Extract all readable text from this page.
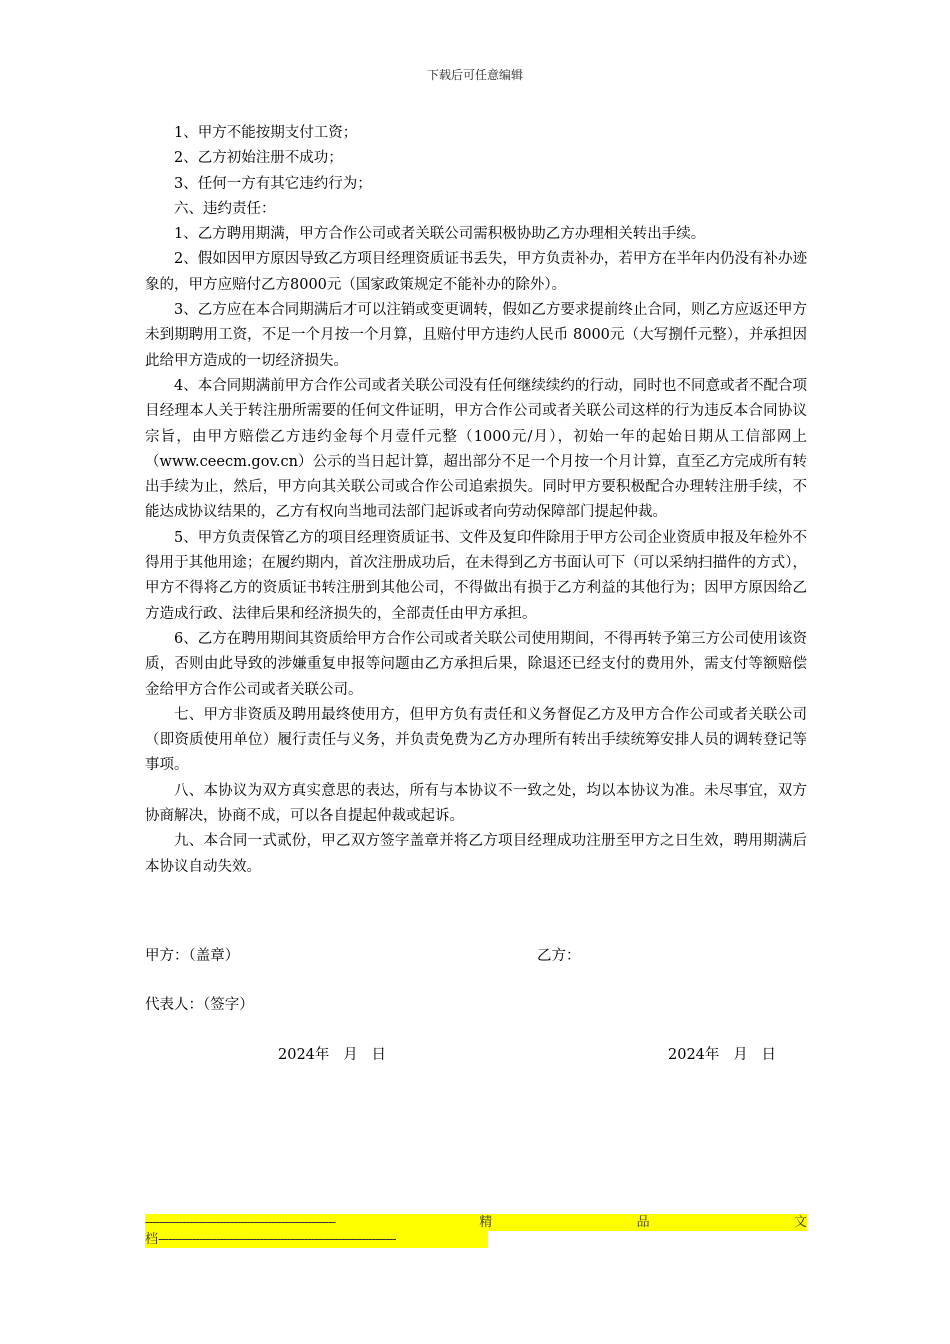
下载后可任意编辑

1、甲方不能按期支付工资；

2、乙方初始注册不成功；

3、任何一方有其它违约行为；

六、违约责任：

1、乙方聘用期满，甲方合作公司或者关联公司需积极协助乙方办理相关转出手续。

2、假如因甲方原因导致乙方项目经理资质证书丢失，甲方负责补办，若甲方在半年内仍没有补办迹象的，甲方应赔付乙方8000元（国家政策规定不能补办的除外）。

3、乙方应在本合同期满后才可以注销或变更调转，假如乙方要求提前终止合同，则乙方应返还甲方未到期聘用工资，不足一个月按一个月算，且赔付甲方违约人民币 8000元（大写捌仟元整），并承担因此给甲方造成的一切经济损失。

4、本合同期满前甲方合作公司或者关联公司没有任何继续续约的行动，同时也不同意或者不配合项目经理本人关于转注册所需要的任何文件证明，甲方合作公司或者关联公司这样的行为违反本合同协议宗旨，由甲方赔偿乙方违约金每个月壹仟元整（1000元/月），初始一年的起始日期从工信部网上（www.ceecm.gov.cn）公示的当日起计算，超出部分不足一个月按一个月计算，直至乙方完成所有转出手续为止，然后，甲方向其关联公司或合作公司追索损失。同时甲方要积极配合办理转注册手续，不能达成协议结果的，乙方有权向当地司法部门起诉或者向劳动保障部门提起仲裁。

5、甲方负责保管乙方的项目经理资质证书、文件及复印件除用于甲方公司企业资质申报及年检外不得用于其他用途；在履约期内，首次注册成功后，在未得到乙方书面认可下（可以采纳扫描件的方式），甲方不得将乙方的资质证书转注册到其他公司，不得做出有损于乙方利益的其他行为；因甲方原因给乙方造成行政、法律后果和经济损失的，全部责任由甲方承担。

6、乙方在聘用期间其资质给甲方合作公司或者关联公司使用期间，不得再转予第三方公司使用该资质，否则由此导致的涉嫌重复申报等问题由乙方承担后果，除退还已经支付的费用外，需支付等额赔偿金给甲方合作公司或者关联公司。

七、甲方非资质及聘用最终使用方，但甲方负有责任和义务督促乙方及甲方合作公司或者关联公司（即资质使用单位）履行责任与义务，并负责免费为乙方办理所有转出手续统筹安排人员的调转登记等事项。

八、本协议为双方真实意思的表达，所有与本协议不一致之处，均以本协议为准。未尽事宜，双方协商解决，协商不成，可以各自提起仲裁或起诉。

九、本合同一式贰份，甲乙双方签字盖章并将乙方项目经理成功注册至甲方之日生效，聘用期满后本协议自动失效。

甲方：（盖章）	乙方：
代表人：（签字）
2024年   月   日	2024年   月   日
--------------------------------------------------------	精	品	文
档----------------------------------------------------------------------
